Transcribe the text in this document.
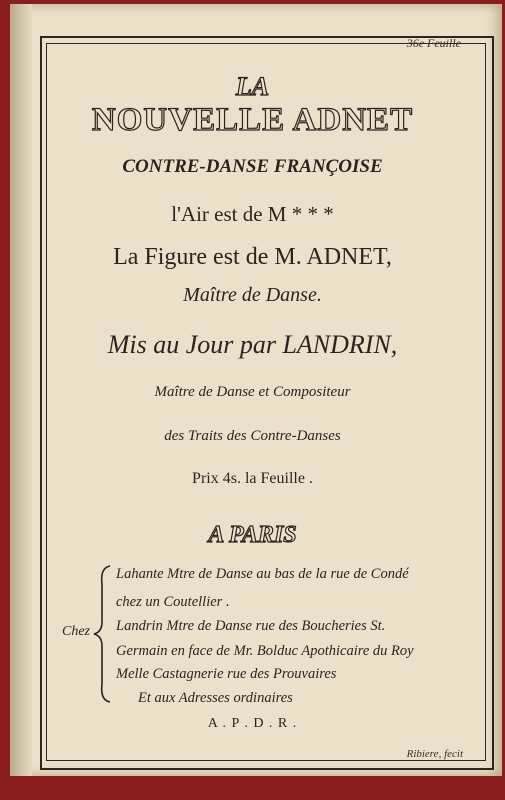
36e Feuille
LA
NOUVELLE ADNET
CONTRE-DANSE FRANÇOISE
l'Air est de M * * *
La Figure est de M. ADNET,
Maître de Danse.
Mis au Jour par LANDRIN,
Maître de Danse et Compositeur
des Traits des Contre-Danses
Prix 4s. la Feuille .
A PARIS
Chez
Lahante Mtre de Danse au bas de la rue de Condé
chez un Coutellier .
Landrin Mtre de Danse rue des Boucheries St.
Germain en face de Mr. Bolduc Apothicaire du Roy
Melle Castagnerie rue des Prouvaires
Et aux Adresses ordinaires
A . P . D . R .
Ribiere, fecit
